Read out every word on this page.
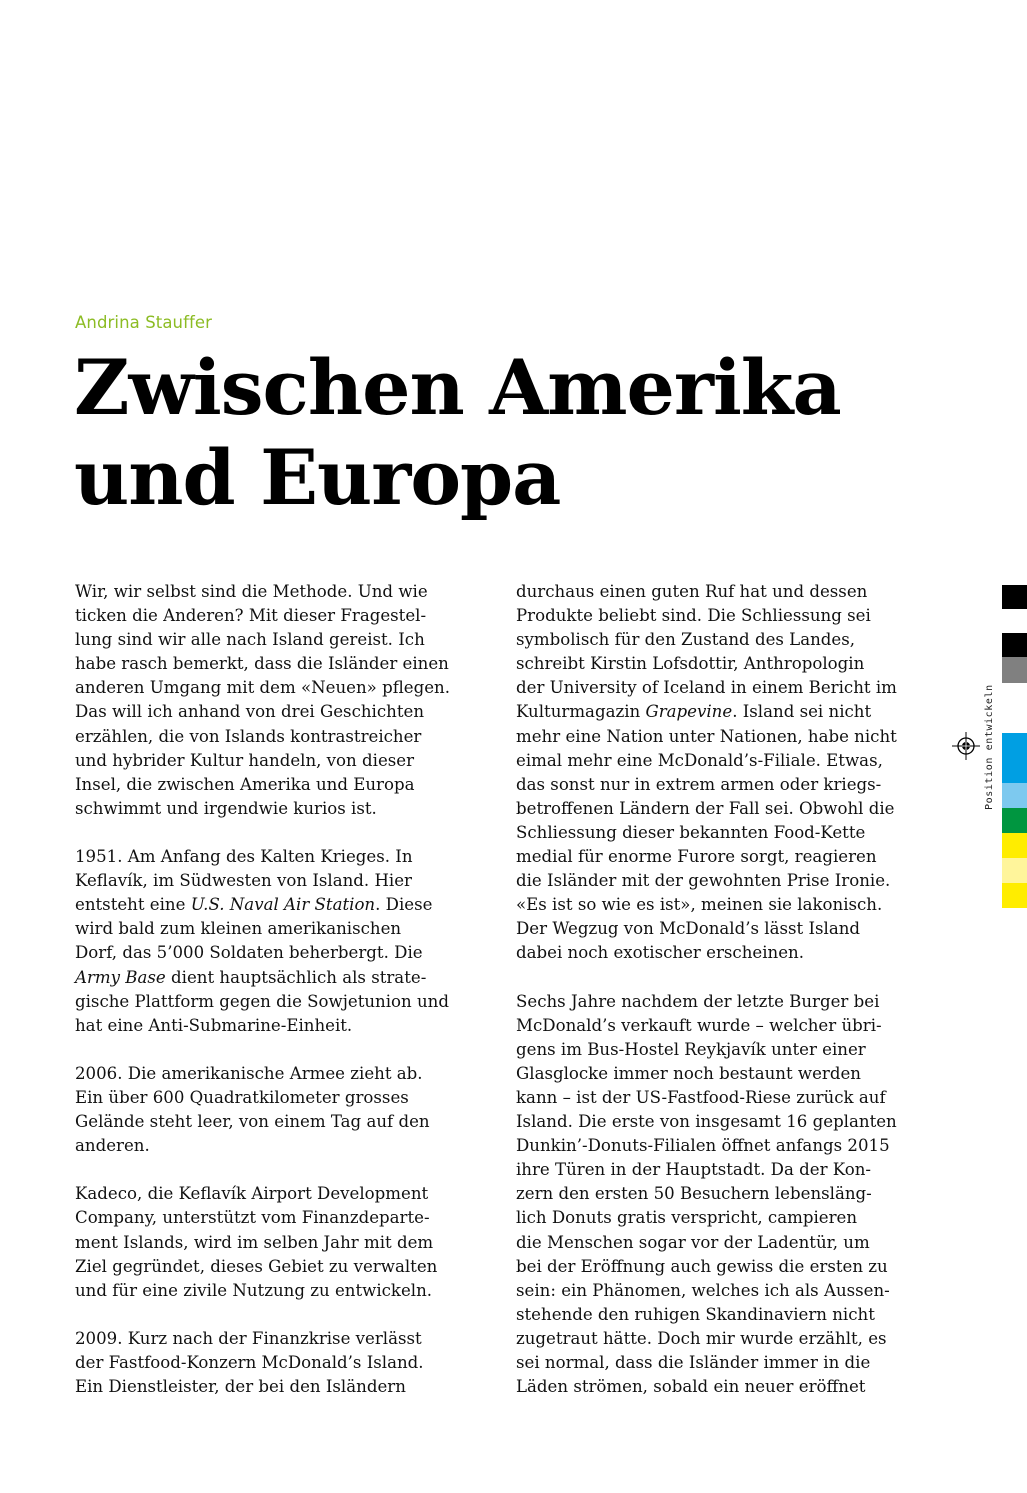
Andrina Stauffer
Zwischen Amerika
und Europa

Wir, wir selbst sind die Methode. Und wie
ticken die Anderen? Mit dieser Fragestel-
lung sind wir alle nach Island gereist. Ich
habe rasch bemerkt, dass die Isländer einen
anderen Umgang mit dem «Neuen» pflegen.
Das will ich anhand von drei Geschichten
erzählen, die von Islands kontrastreicher
und hybrider Kultur handeln, von dieser
Insel, die zwischen Amerika und Europa
schwimmt und irgendwie kurios ist.

1951. Am Anfang des Kalten Krieges. In
Keflavík, im Südwesten von Island. Hier
entsteht eine U.S. Naval Air Station. Diese
wird bald zum kleinen amerikanischen
Dorf, das 5’000 Soldaten beherbergt. Die
Army Base dient hauptsächlich als strate-
gische Plattform gegen die Sowjetunion und
hat eine Anti-Submarine-Einheit.

2006. Die amerikanische Armee zieht ab.
Ein über 600 Quadratkilometer grosses
Gelände steht leer, von einem Tag auf den
anderen.

Kadeco, die Keflavík Airport Development
Company, unterstützt vom Finanzdeparte-
ment Islands, wird im selben Jahr mit dem
Ziel gegründet, dieses Gebiet zu verwalten
und für eine zivile Nutzung zu entwickeln.

2009. Kurz nach der Finanzkrise verlässt
der Fastfood-Konzern McDonald’s Island.
Ein Dienstleister, der bei den Isländern

durchaus einen guten Ruf hat und dessen
Produkte beliebt sind. Die Schliessung sei
symbolisch für den Zustand des Landes,
schreibt Kirstin Lofsdottir, Anthropologin
der University of Iceland in einem Bericht im
Kulturmagazin Grapevine. Island sei nicht
mehr eine Nation unter Nationen, habe nicht
eimal mehr eine McDonald’s-Filiale. Etwas,
das sonst nur in extrem armen oder kriegs-
betroffenen Ländern der Fall sei. Obwohl die
Schliessung dieser bekannten Food-Kette
medial für enorme Furore sorgt, reagieren
die Isländer mit der gewohnten Prise Ironie.
«Es ist so wie es ist», meinen sie lakonisch.
Der Wegzug von McDonald’s lässt Island
dabei noch exotischer erscheinen.

Sechs Jahre nachdem der letzte Burger bei
McDonald’s verkauft wurde – welcher übri-
gens im Bus-Hostel Reykjavík unter einer
Glasglocke immer noch bestaunt werden
kann – ist der US-Fastfood-Riese zurück auf
Island. Die erste von insgesamt 16 geplanten
Dunkin’-Donuts-Filialen öffnet anfangs 2015
ihre Türen in der Hauptstadt. Da der Kon-
zern den ersten 50 Besuchern lebensläng-
lich Donuts gratis verspricht, campieren
die Menschen sogar vor der Ladentür, um
bei der Eröffnung auch gewiss die ersten zu
sein: ein Phänomen, welches ich als Aussen-
stehende den ruhigen Skandinaviern nicht
zugetraut hätte. Doch mir wurde erzählt, es
sei normal, dass die Isländer immer in die
Läden strömen, sobald ein neuer eröffnet

Position entwickeln
